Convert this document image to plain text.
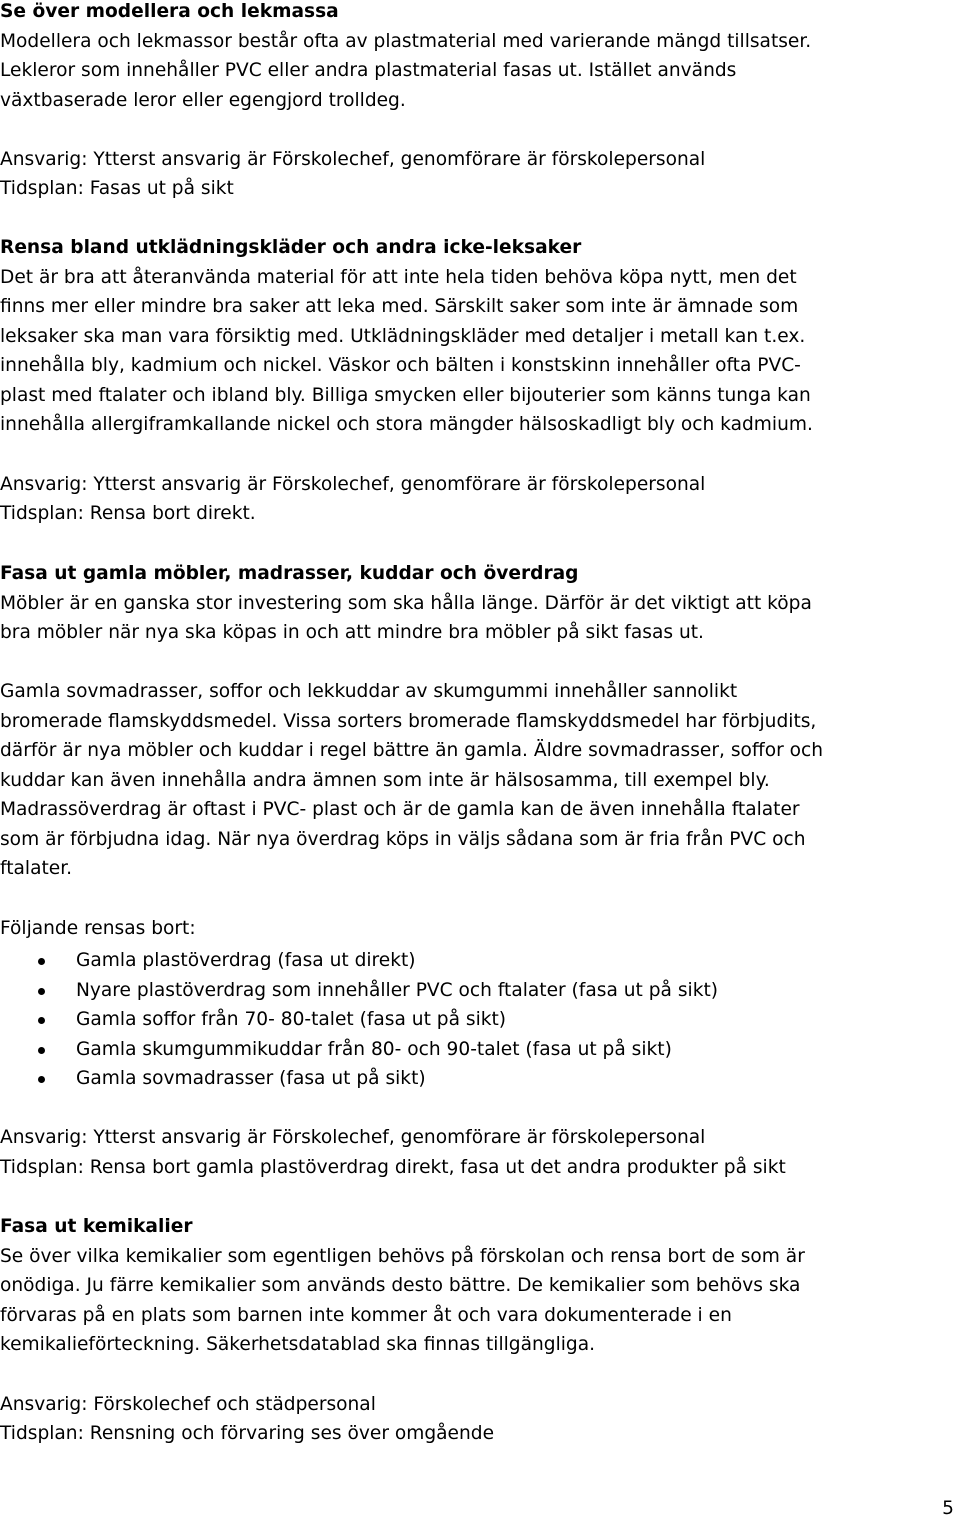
Se över modellera och lekmassa
Modellera och lekmassor består ofta av plastmaterial med varierande mängd tillsatser.
Lekleror som innehåller PVC eller andra plastmaterial fasas ut. Istället används
växtbaserade leror eller egengjord trolldeg.
Ansvarig: Ytterst ansvarig är Förskolechef, genomförare är förskolepersonal
Tidsplan: Fasas ut på sikt
Rensa bland utklädningskläder och andra icke-leksaker
Det är bra att återanvända material för att inte hela tiden behöva köpa nytt, men det
finns mer eller mindre bra saker att leka med. Särskilt saker som inte är ämnade som
leksaker ska man vara försiktig med. Utklädningskläder med detaljer i metall kan t.ex.
innehålla bly, kadmium och nickel. Väskor och bälten i konstskinn innehåller ofta PVC-
plast med ftalater och ibland bly. Billiga smycken eller bijouterier som känns tunga kan
innehålla allergiframkallande nickel och stora mängder hälsoskadligt bly och kadmium.
Ansvarig: Ytterst ansvarig är Förskolechef, genomförare är förskolepersonal
Tidsplan: Rensa bort direkt.
Fasa ut gamla möbler, madrasser, kuddar och överdrag
Möbler är en ganska stor investering som ska hålla länge. Därför är det viktigt att köpa
bra möbler när nya ska köpas in och att mindre bra möbler på sikt fasas ut.
Gamla sovmadrasser, soffor och lekkuddar av skumgummi innehåller sannolikt
bromerade flamskyddsmedel. Vissa sorters bromerade flamskyddsmedel har förbjudits,
därför är nya möbler och kuddar i regel bättre än gamla. Äldre sovmadrasser, soffor och
kuddar kan även innehålla andra ämnen som inte är hälsosamma, till exempel bly.
Madrassöverdrag är oftast i PVC- plast och är de gamla kan de även innehålla ftalater
som är förbjudna idag. När nya överdrag köps in väljs sådana som är fria från PVC och
ftalater.
Följande rensas bort:
Gamla plastöverdrag (fasa ut direkt)
Nyare plastöverdrag som innehåller PVC och ftalater (fasa ut på sikt)
Gamla soffor från 70- 80-talet (fasa ut på sikt)
Gamla skumgummikuddar från 80- och 90-talet (fasa ut på sikt)
Gamla sovmadrasser (fasa ut på sikt)
Ansvarig: Ytterst ansvarig är Förskolechef, genomförare är förskolepersonal
Tidsplan: Rensa bort gamla plastöverdrag direkt, fasa ut det andra produkter på sikt
Fasa ut kemikalier
Se över vilka kemikalier som egentligen behövs på förskolan och rensa bort de som är
onödiga. Ju färre kemikalier som används desto bättre. De kemikalier som behövs ska
förvaras på en plats som barnen inte kommer åt och vara dokumenterade i en
kemikalieförteckning. Säkerhetsdatablad ska finnas tillgängliga.
Ansvarig: Förskolechef och städpersonal
Tidsplan: Rensning och förvaring ses över omgående
5
